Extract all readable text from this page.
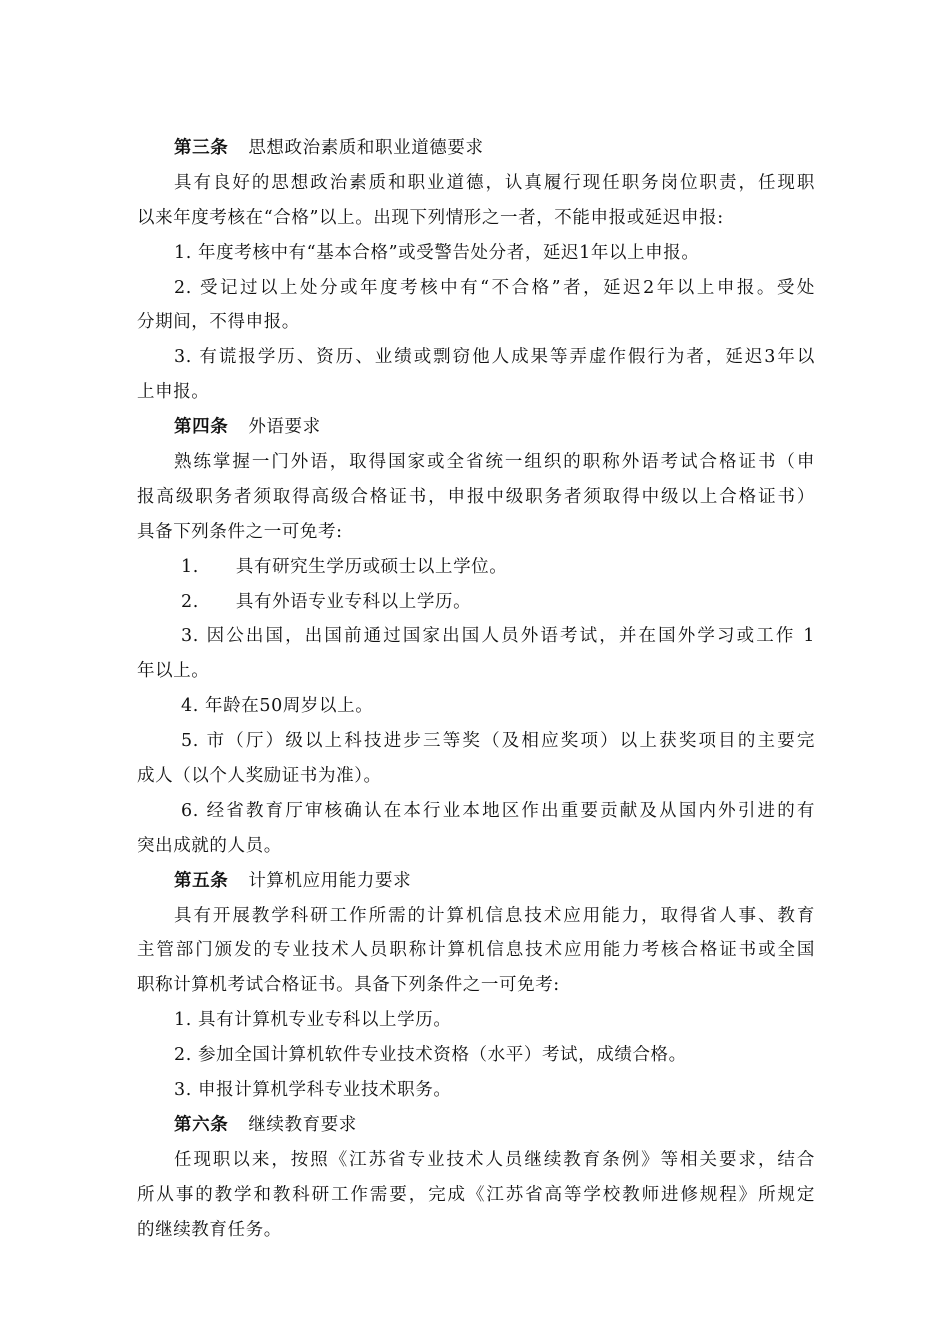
第三条 思想政治素质和职业道德要求
具有良好的思想政治素质和职业道德，认真履行现任职务岗位职责，任现职
以来年度考核在“合格”以上。出现下列情形之一者，不能申报或延迟申报:
1. 年度考核中有“基本合格”或受警告处分者，延迟1年以上申报。
2. 受记过以上处分或年度考核中有“不合格”者，延迟2年以上申报。受处
分期间，不得申报。
3. 有谎报学历、资历、业绩或剽窃他人成果等弄虚作假行为者，延迟3年以
上申报。
第四条 外语要求
熟练掌握一门外语，取得国家或全省统一组织的职称外语考试合格证书（申
报高级职务者须取得高级合格证书，申报中级职务者须取得中级以上合格证书）
具备下列条件之一可免考:
1.      具有研究生学历或硕士以上学位。
2.      具有外语专业专科以上学历。
3. 因公出国，出国前通过国家出国人员外语考试，并在国外学习或工作 1
年以上。
4. 年龄在50周岁以上。
5. 市（厅）级以上科技进步三等奖（及相应奖项）以上获奖项目的主要完
成人（以个人奖励证书为准）。
6. 经省教育厅审核确认在本行业本地区作出重要贡献及从国内外引进的有
突出成就的人员。
第五条 计算机应用能力要求
具有开展教学科研工作所需的计算机信息技术应用能力，取得省人事、教育
主管部门颁发的专业技术人员职称计算机信息技术应用能力考核合格证书或全国
职称计算机考试合格证书。具备下列条件之一可免考:
1. 具有计算机专业专科以上学历。
2. 参加全国计算机软件专业技术资格（水平）考试，成绩合格。
3. 申报计算机学科专业技术职务。
第六条 继续教育要求
任现职以来，按照《江苏省专业技术人员继续教育条例》等相关要求，结合
所从事的教学和教科研工作需要，完成《江苏省高等学校教师进修规程》所规定
的继续教育任务。
